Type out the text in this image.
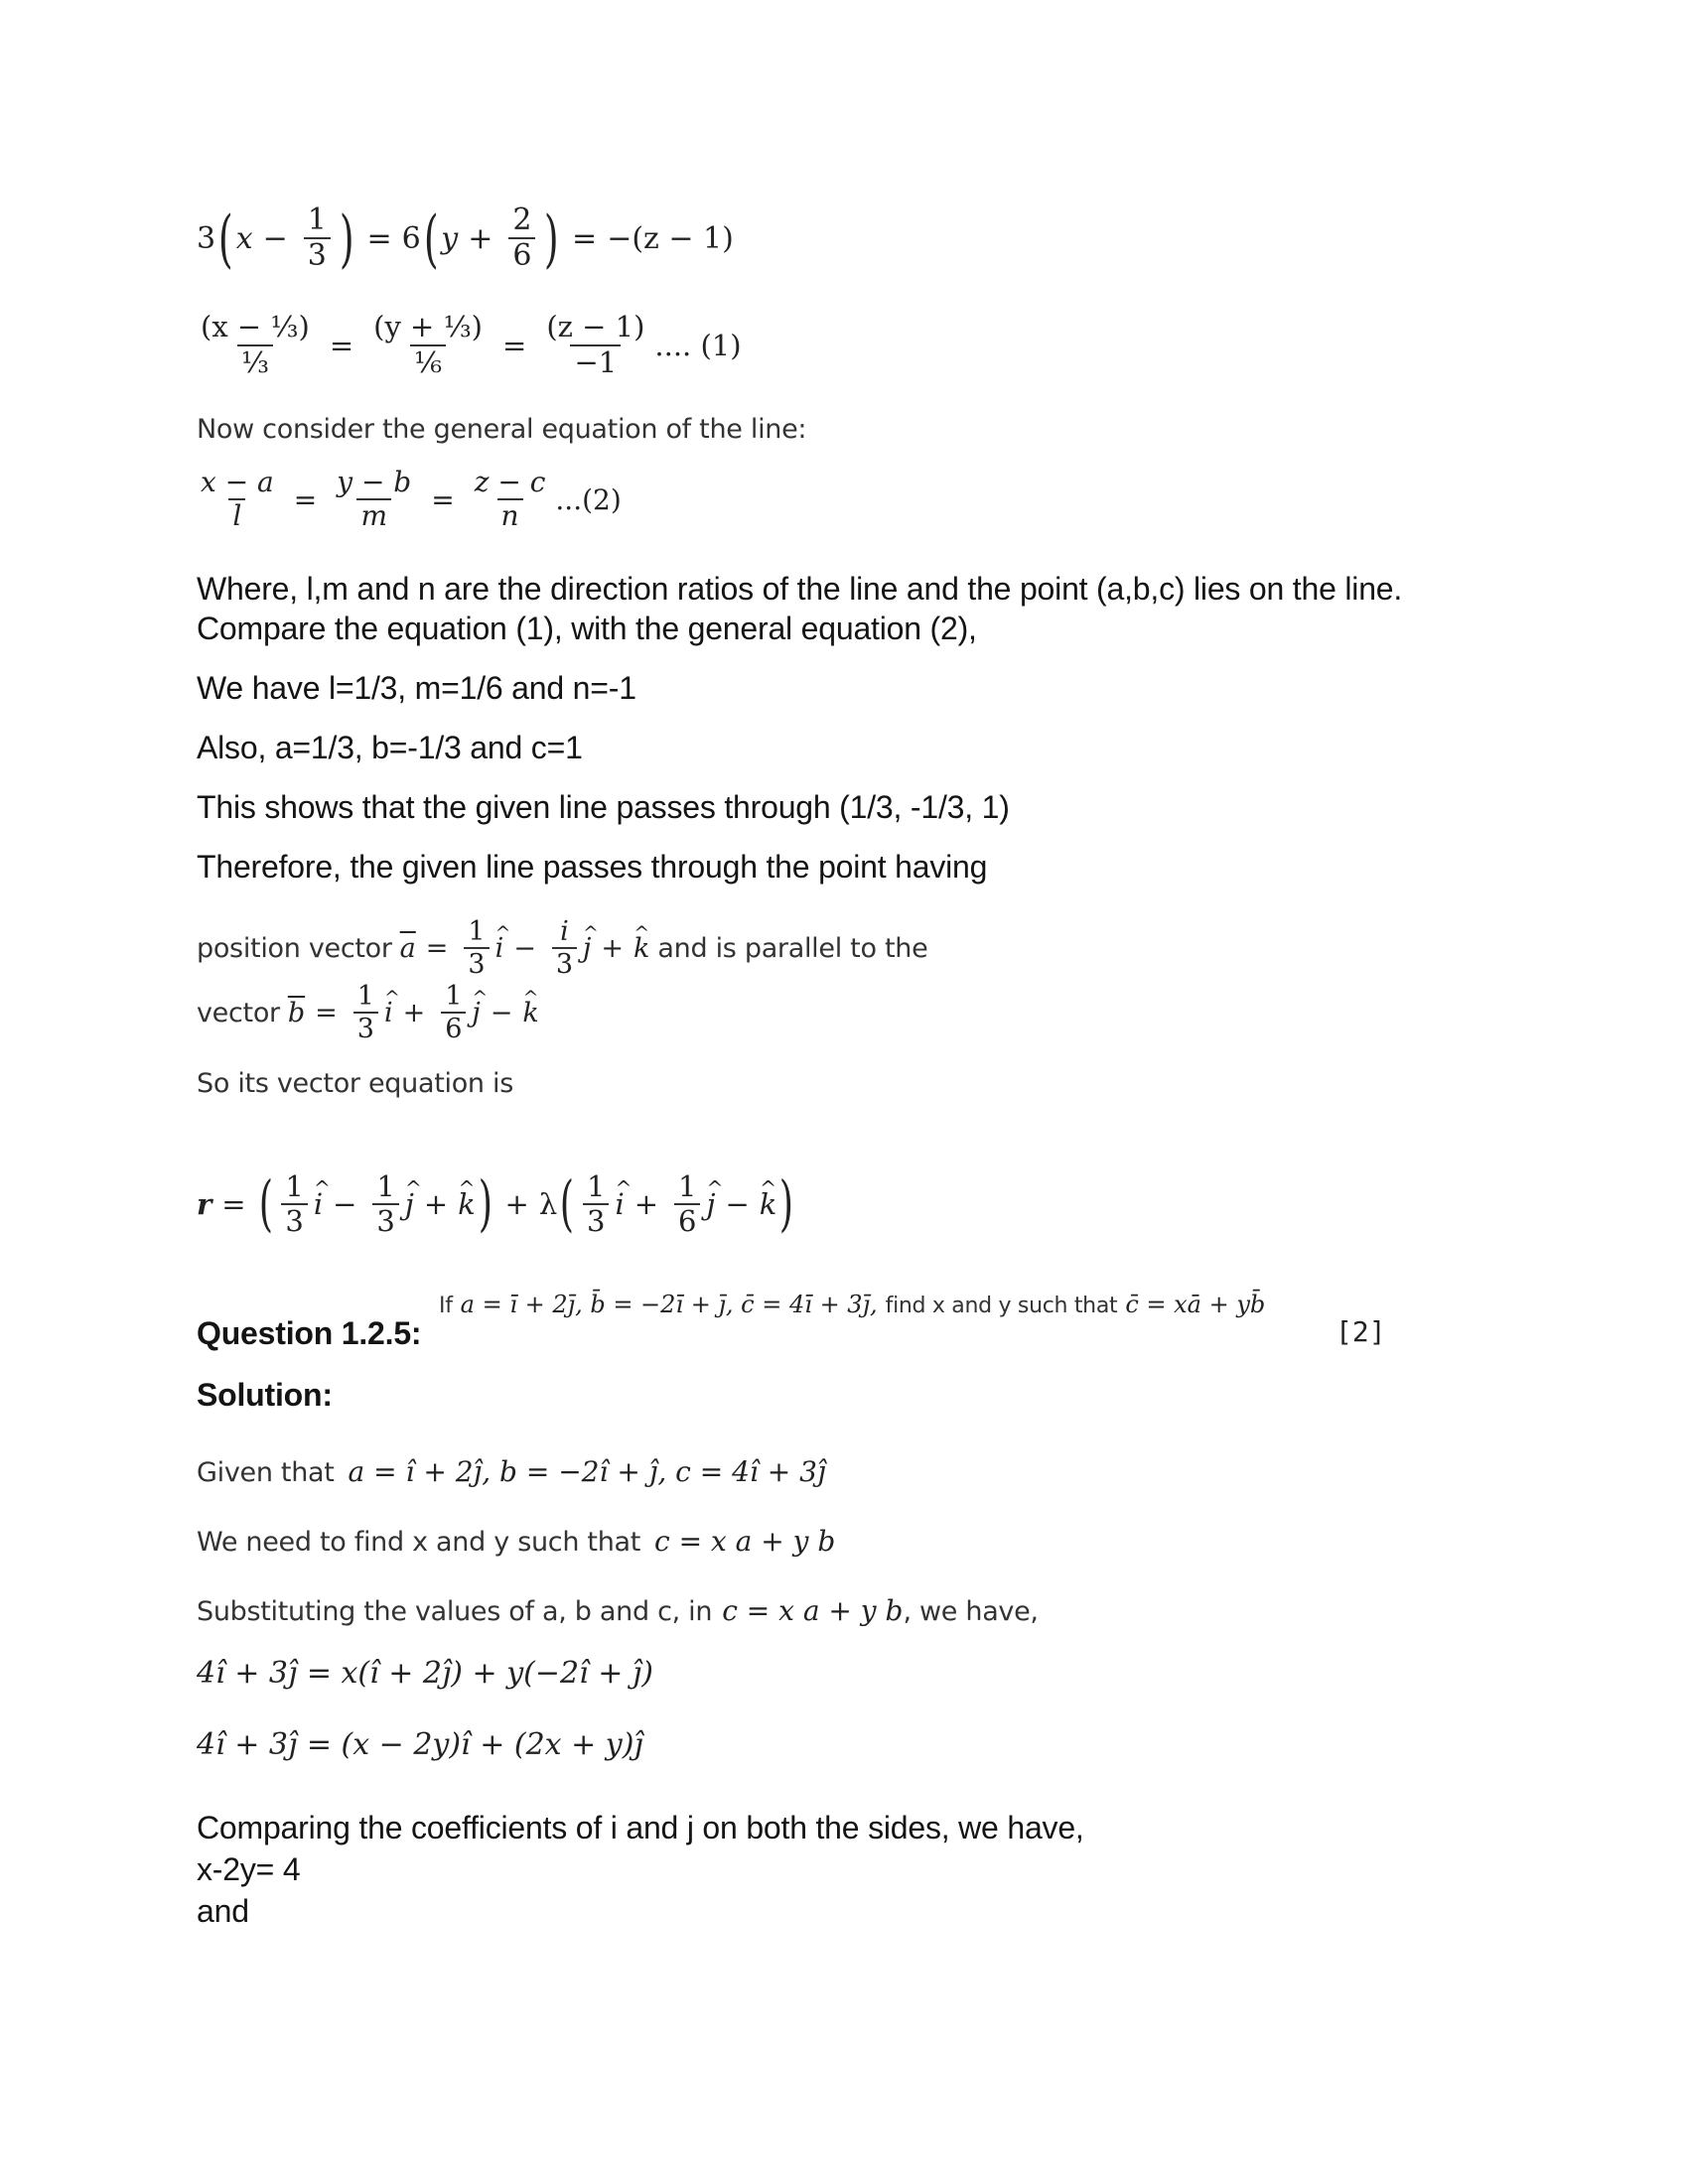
3 ( $x - \frac{1}{3}$ ) = 6 ( $y + \frac{2}{6}$ ) = −(z − 1)
$\frac{\text{(x − ⅓)}}{\text{⅓}} = \frac{\text{(y + ⅓)}}{\text{⅙}} = \frac{(z - 1)}{-1}$ .... (1)
Now consider the general equation of the line:
$\frac{x - a}{l} = \frac{y - b}{m} = \frac{z - c}{n} ...(2)$
Where, l,m and n are the direction ratios of the line and the point (a,b,c) lies on the line.
Compare the equation (1), with the general equation (2),
We have l=1/3, m=1/6 and n=-1
Also, a=1/3, b=-1/3 and c=1
This shows that the given line passes through (1/3, -1/3, 1)
Therefore, the given line passes through the point having
position vector $\overline{a} = \frac{1}{3}$ i ^ − $\frac{i}{3}$ j ^ + k ^ and is parallel to the
vector $\overline{b} = \frac{1}{3}$ i ^ + $\frac{1}{6}$ j ^ − k ^
So its vector equation is
r = ( $\frac{1}{3}$ i ^ − $\frac{1}{3}$ j ^ + k ^ ) + λ ( $\frac{1}{3}$ i ^ + $\frac{1}{6}$ j ^ − k ^ )
Question 1.2.5:
If a = ī + 2j̄, b̄ = −2ī + j̄, c̄ = 4ī + 3j̄, find x and y such that c̄ = xā + yb̄
[2]
Solution:
Given that a = î + 2ĵ, b = −2î + ĵ, c = 4î + 3ĵ
We need to find x and y such that c = x a + y b
Substituting the values of a, b and c, in c = x a + y b , we have,
4î + 3ĵ = x(î + 2ĵ) + y(−2î + ĵ)
4î + 3ĵ = (x − 2y)î + (2x + y)ĵ
Comparing the coefficients of i and j on both the sides, we have,
x-2y= 4
and
